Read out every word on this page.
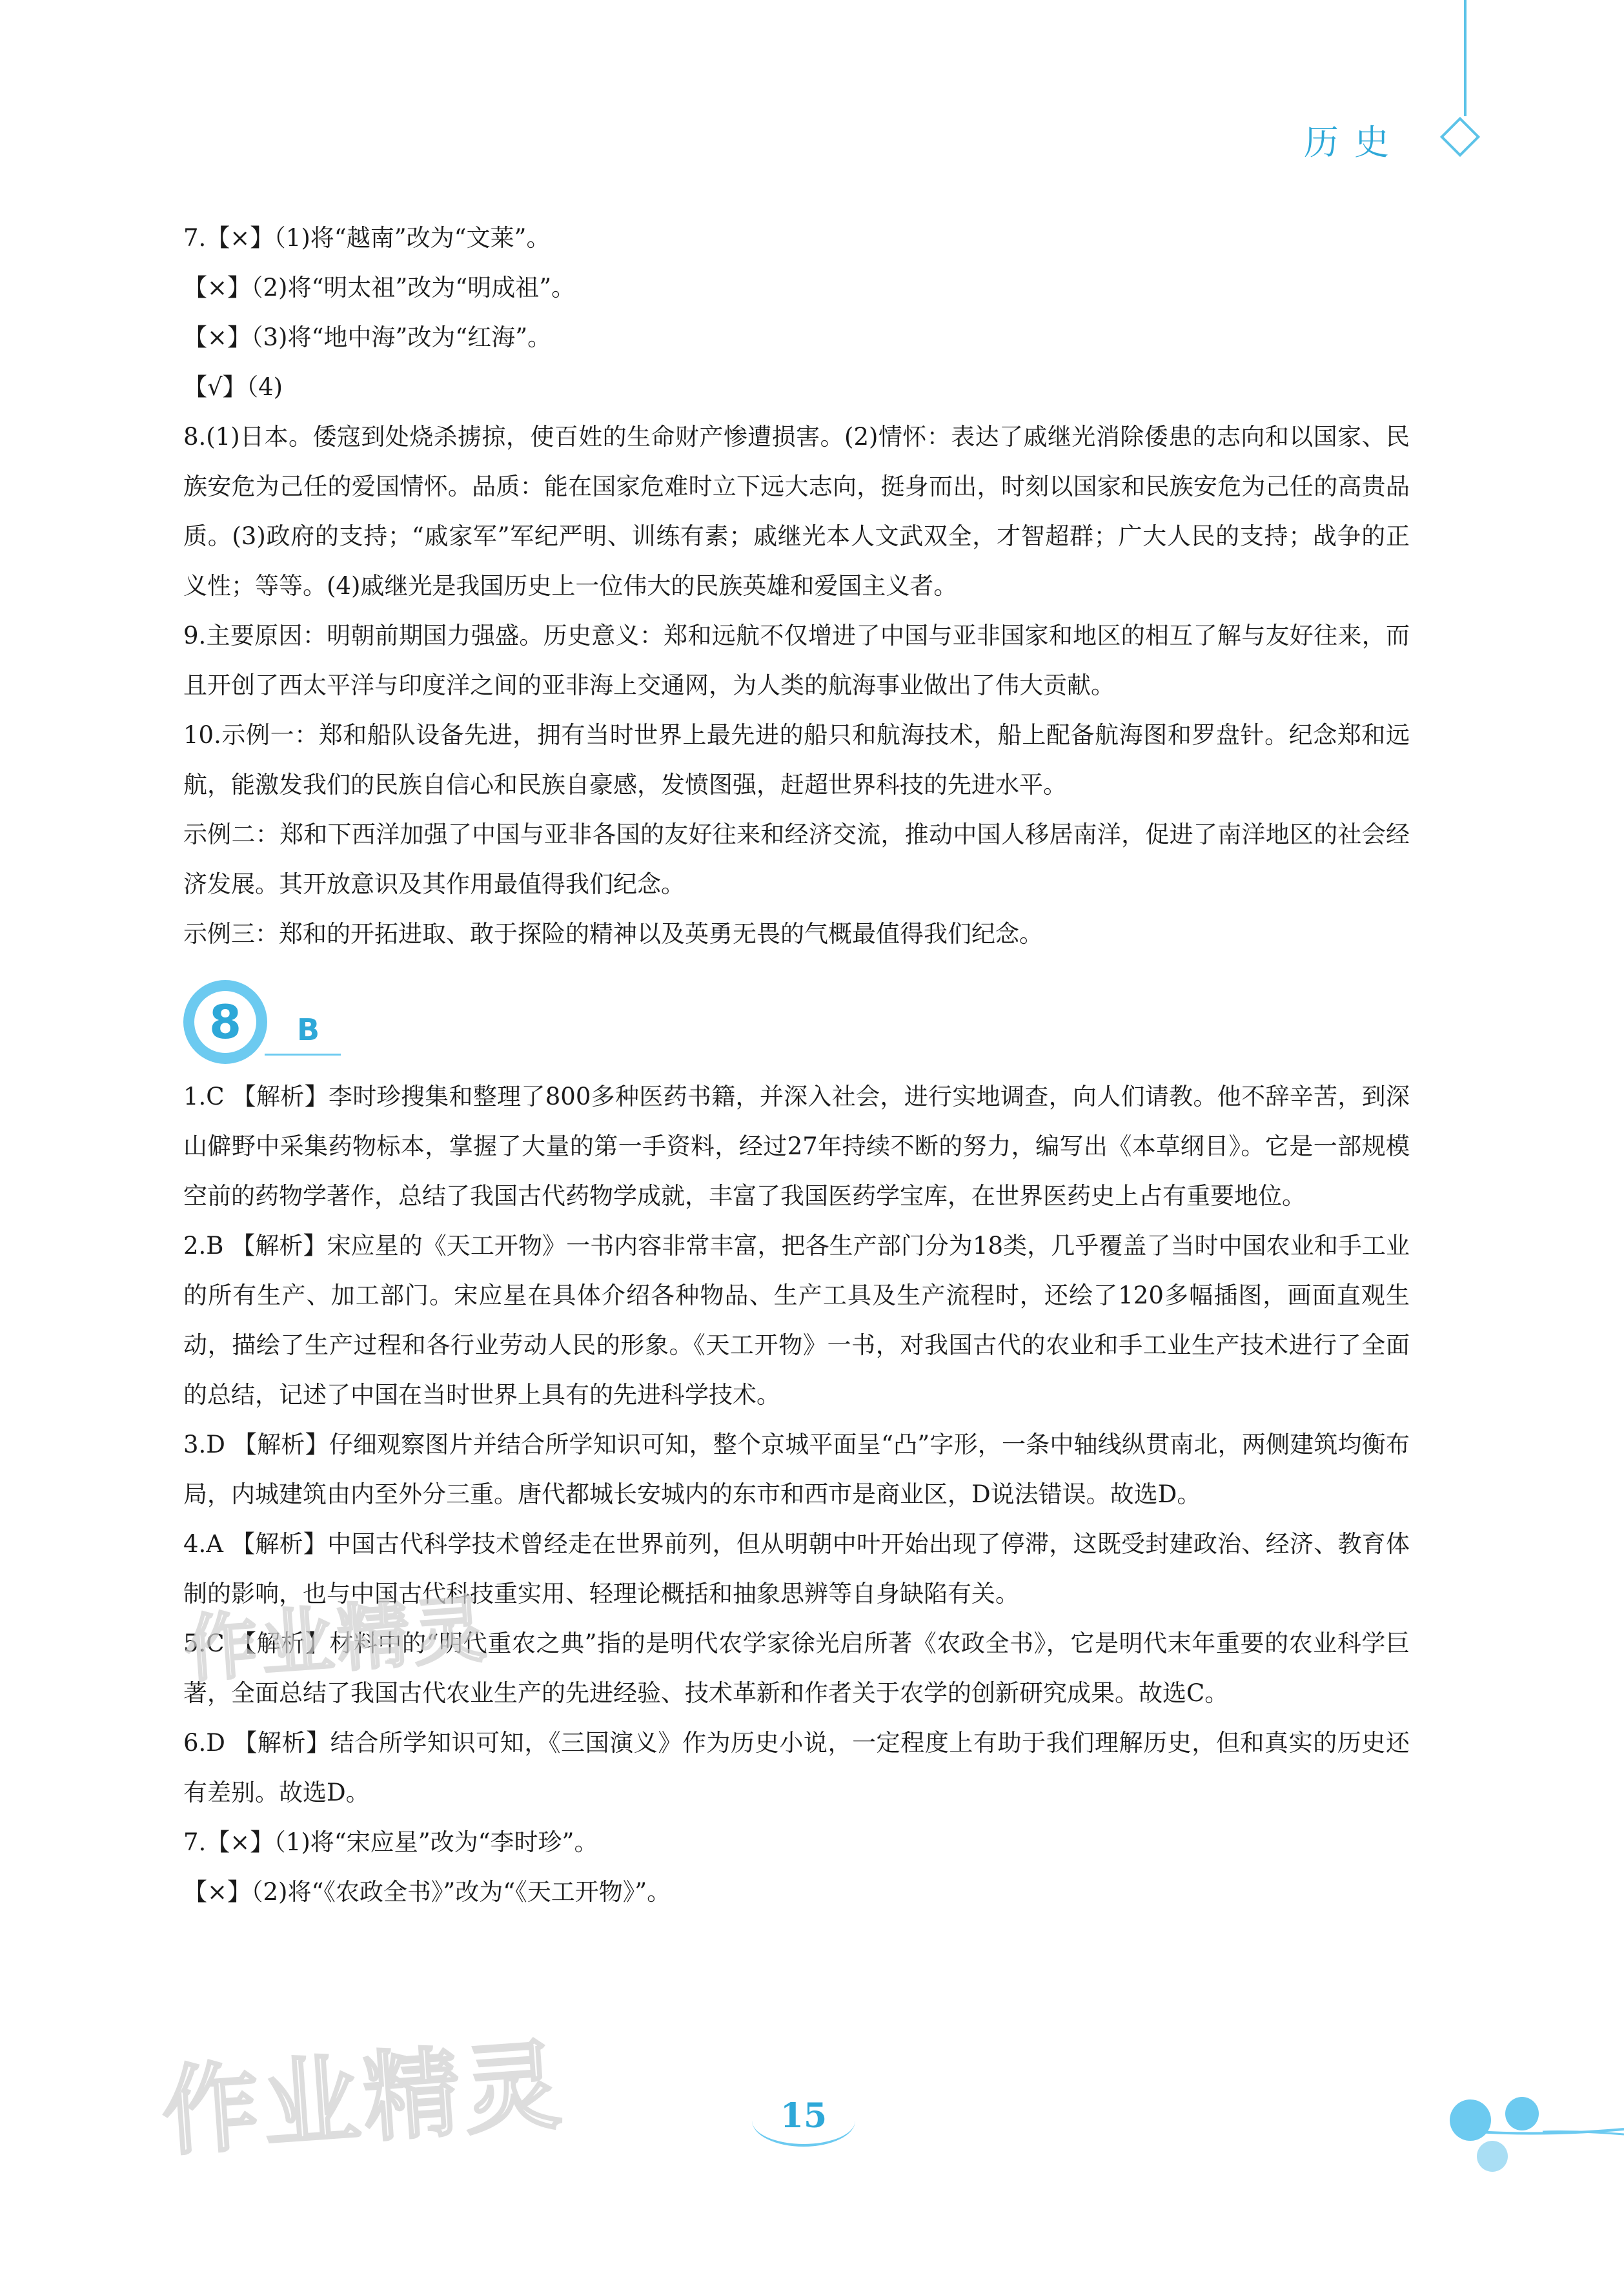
历史
7.【×】（1)将“越南”改为“文莱”。
【×】（2)将“明太祖”改为“明成祖”。
【×】（3)将“地中海”改为“红海”。
【√】（4)
8.(1)日本。倭寇到处烧杀掳掠，使百姓的生命财产惨遭损害。(2)情怀：表达了戚继光消除倭患的志向和以国家、民族安危为己任的爱国情怀。品质：能在国家危难时立下远大志向，挺身而出，时刻以国家和民族安危为己任的高贵品质。(3)政府的支持；“戚家军”军纪严明、训练有素；戚继光本人文武双全，才智超群；广大人民的支持；战争的正义性；等等。(4)戚继光是我国历史上一位伟大的民族英雄和爱国主义者。
9.主要原因：明朝前期国力强盛。历史意义：郑和远航不仅增进了中国与亚非国家和地区的相互了解与友好往来，而且开创了西太平洋与印度洋之间的亚非海上交通网，为人类的航海事业做出了伟大贡献。
10.示例一：郑和船队设备先进，拥有当时世界上最先进的船只和航海技术，船上配备航海图和罗盘针。纪念郑和远航，能激发我们的民族自信心和民族自豪感，发愤图强，赶超世界科技的先进水平。
示例二：郑和下西洋加强了中国与亚非各国的友好往来和经济交流，推动中国人移居南洋，促进了南洋地区的社会经济发展。其开放意识及其作用最值得我们纪念。
示例三：郑和的开拓进取、敢于探险的精神以及英勇无畏的气概最值得我们纪念。
8	B
1.C 【解析】李时珍搜集和整理了800多种医药书籍，并深入社会，进行实地调查，向人们请教。他不辞辛苦，到深山僻野中采集药物标本，掌握了大量的第一手资料，经过27年持续不断的努力，编写出《本草纲目》。它是一部规模空前的药物学著作，总结了我国古代药物学成就，丰富了我国医药学宝库，在世界医药史上占有重要地位。
2.B 【解析】宋应星的《天工开物》一书内容非常丰富，把各生产部门分为18类，几乎覆盖了当时中国农业和手工业的所有生产、加工部门。宋应星在具体介绍各种物品、生产工具及生产流程时，还绘了120多幅插图，画面直观生动，描绘了生产过程和各行业劳动人民的形象。《天工开物》一书，对我国古代的农业和手工业生产技术进行了全面的总结，记述了中国在当时世界上具有的先进科学技术。
3.D 【解析】仔细观察图片并结合所学知识可知，整个京城平面呈“凸”字形，一条中轴线纵贯南北，两侧建筑均衡布局，内城建筑由内至外分三重。唐代都城长安城内的东市和西市是商业区，D说法错误。故选D。
4.A 【解析】中国古代科学技术曾经走在世界前列，但从明朝中叶开始出现了停滞，这既受封建政治、经济、教育体制的影响，也与中国古代科技重实用、轻理论概括和抽象思辨等自身缺陷有关。
5.C 【解析】材料中的“明代重农之典”指的是明代农学家徐光启所著《农政全书》，它是明代末年重要的农业科学巨著，全面总结了我国古代农业生产的先进经验、技术革新和作者关于农学的创新研究成果。故选C。
6.D 【解析】结合所学知识可知，《三国演义》作为历史小说，一定程度上有助于我们理解历史，但和真实的历史还有差别。故选D。
7.【×】（1)将“宋应星”改为“李时珍”。
【×】（2)将“《农政全书》”改为“《天工开物》”。
作业精灵
作业精灵	15
